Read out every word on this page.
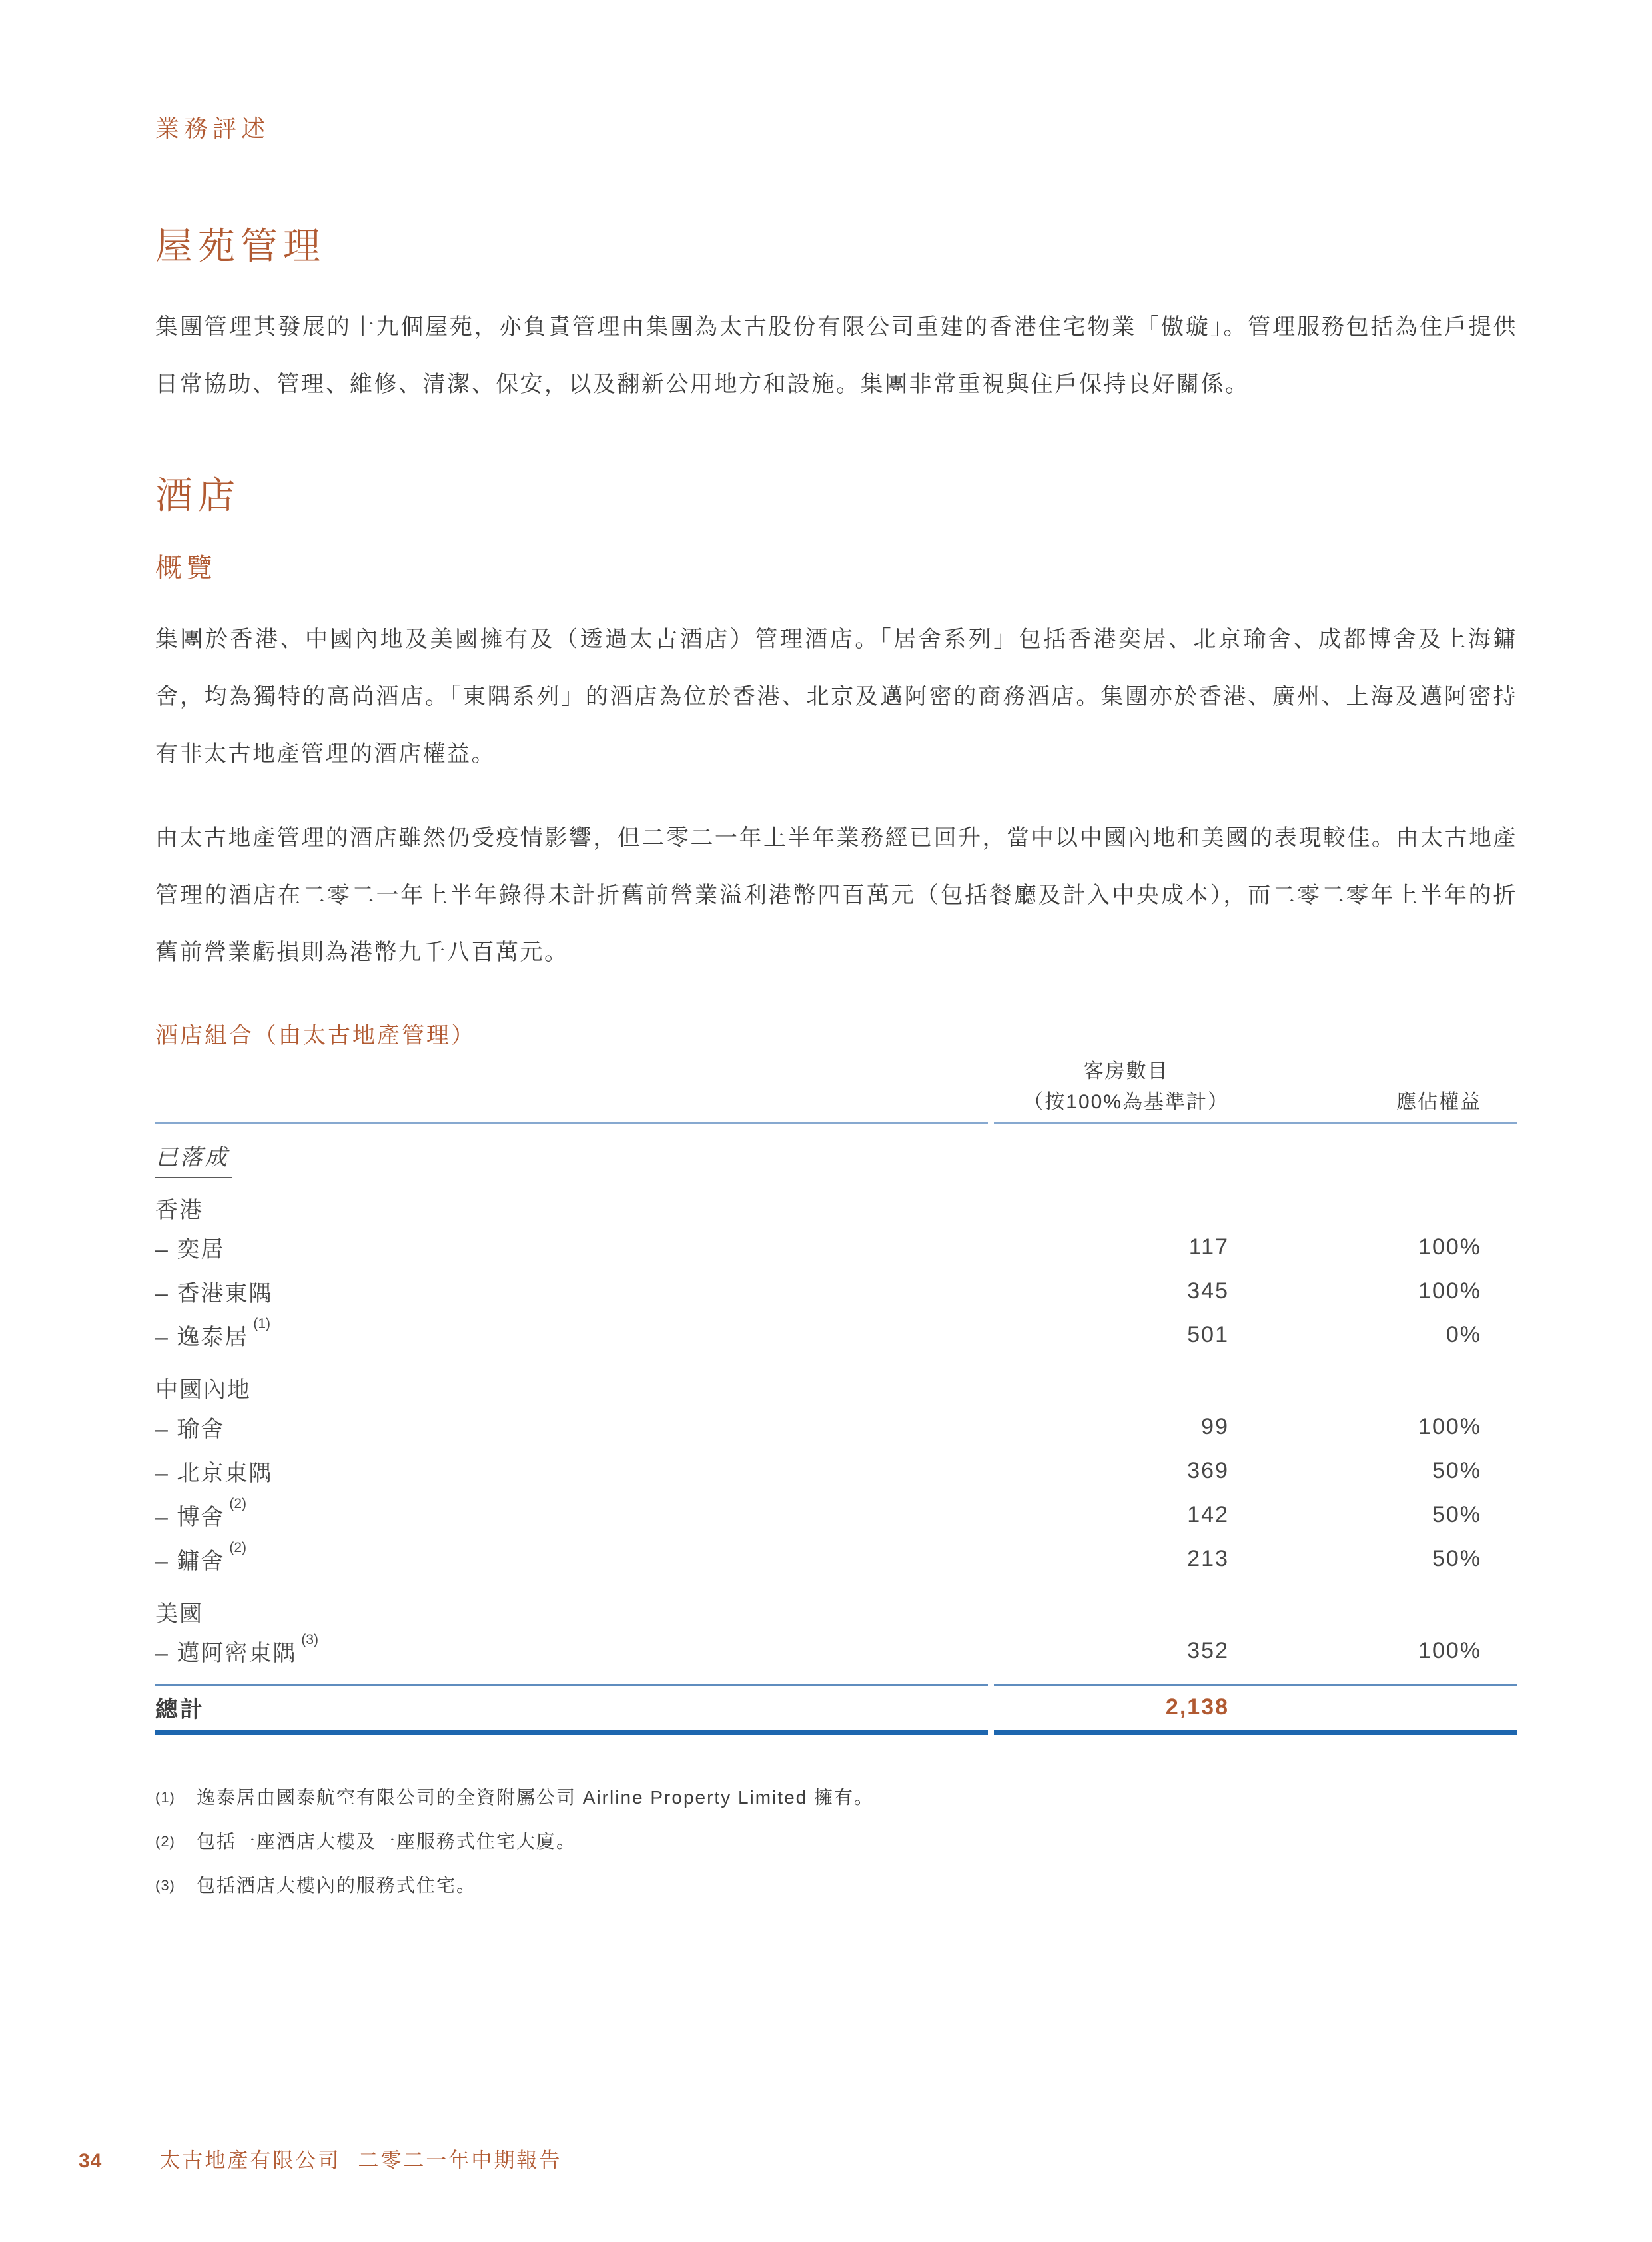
業務評述
屋苑管理

集團管理其發展的十九個屋苑，亦負責管理由集團為太古股份有限公司重建的香港住宅物業「傲璇」。管理服務包括為住戶提供日常協助、管理、維修、清潔、保安，以及翻新公用地方和設施。集團非常重視與住戶保持良好關係。

酒店
概覽

集團於香港、中國內地及美國擁有及（透過太古酒店）管理酒店。「居舍系列」包括香港奕居、北京瑜舍、成都博舍及上海鏞舍，均為獨特的高尚酒店。「東隅系列」的酒店為位於香港、北京及邁阿密的商務酒店。集團亦於香港、廣州、上海及邁阿密持有非太古地產管理的酒店權益。

由太古地產管理的酒店雖然仍受疫情影響，但二零二一年上半年業務經已回升，當中以中國內地和美國的表現較佳。由太古地產管理的酒店在二零二一年上半年錄得未計折舊前營業溢利港幣四百萬元（包括餐廳及計入中央成本），而二零二零年上半年的折舊前營業虧損則為港幣九千八百萬元。

酒店組合（由太古地產管理）
客房數目
（按100%為基準計）	應佔權益
已落成
香港
– 奕居	117	100%
– 香港東隅	345	100%
– 逸泰居$^{(1)}$	501	0%
中國內地
– 瑜舍	99	100%
– 北京東隅	369	50%
– 博舍$^{(2)}$	142	50%
– 鏞舍$^{(2)}$	213	50%
美國
– 邁阿密東隅$^{(3)}$	352	100%
總計	2,138
(1)	逸泰居由國泰航空有限公司的全資附屬公司 Airline Property Limited 擁有。
(2)	包括一座酒店大樓及一座服務式住宅大廈。
(3)	包括酒店大樓內的服務式住宅。
34	太古地產有限公司 二零二一年中期報告
